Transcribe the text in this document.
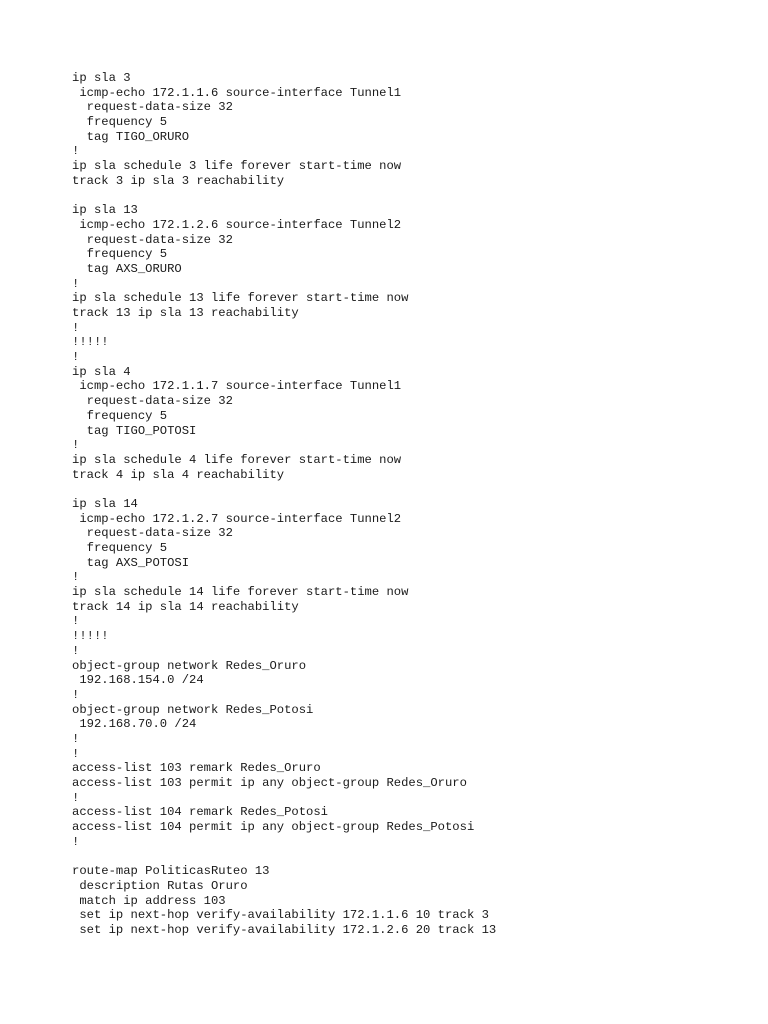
ip sla 3
icmp-echo 172.1.1.6 source-interface Tunnel1
request-data-size 32
frequency 5
tag TIGO_ORURO
!
ip sla schedule 3 life forever start-time now
track 3 ip sla 3 reachability
ip sla 13
icmp-echo 172.1.2.6 source-interface Tunnel2
request-data-size 32
frequency 5
tag AXS_ORURO
!
ip sla schedule 13 life forever start-time now
track 13 ip sla 13 reachability
!
!!!!!
!
ip sla 4
icmp-echo 172.1.1.7 source-interface Tunnel1
request-data-size 32
frequency 5
tag TIGO_POTOSI
!
ip sla schedule 4 life forever start-time now
track 4 ip sla 4 reachability
ip sla 14
icmp-echo 172.1.2.7 source-interface Tunnel2
request-data-size 32
frequency 5
tag AXS_POTOSI
!
ip sla schedule 14 life forever start-time now
track 14 ip sla 14 reachability
!
!!!!!
!
object-group network Redes_Oruro
192.168.154.0 /24
!
object-group network Redes_Potosi
192.168.70.0 /24
!
!
access-list 103 remark Redes_Oruro
access-list 103 permit ip any object-group Redes_Oruro
!
access-list 104 remark Redes_Potosi
access-list 104 permit ip any object-group Redes_Potosi
!
route-map PoliticasRuteo 13
description Rutas Oruro
match ip address 103
set ip next-hop verify-availability 172.1.1.6 10 track 3
set ip next-hop verify-availability 172.1.2.6 20 track 13
